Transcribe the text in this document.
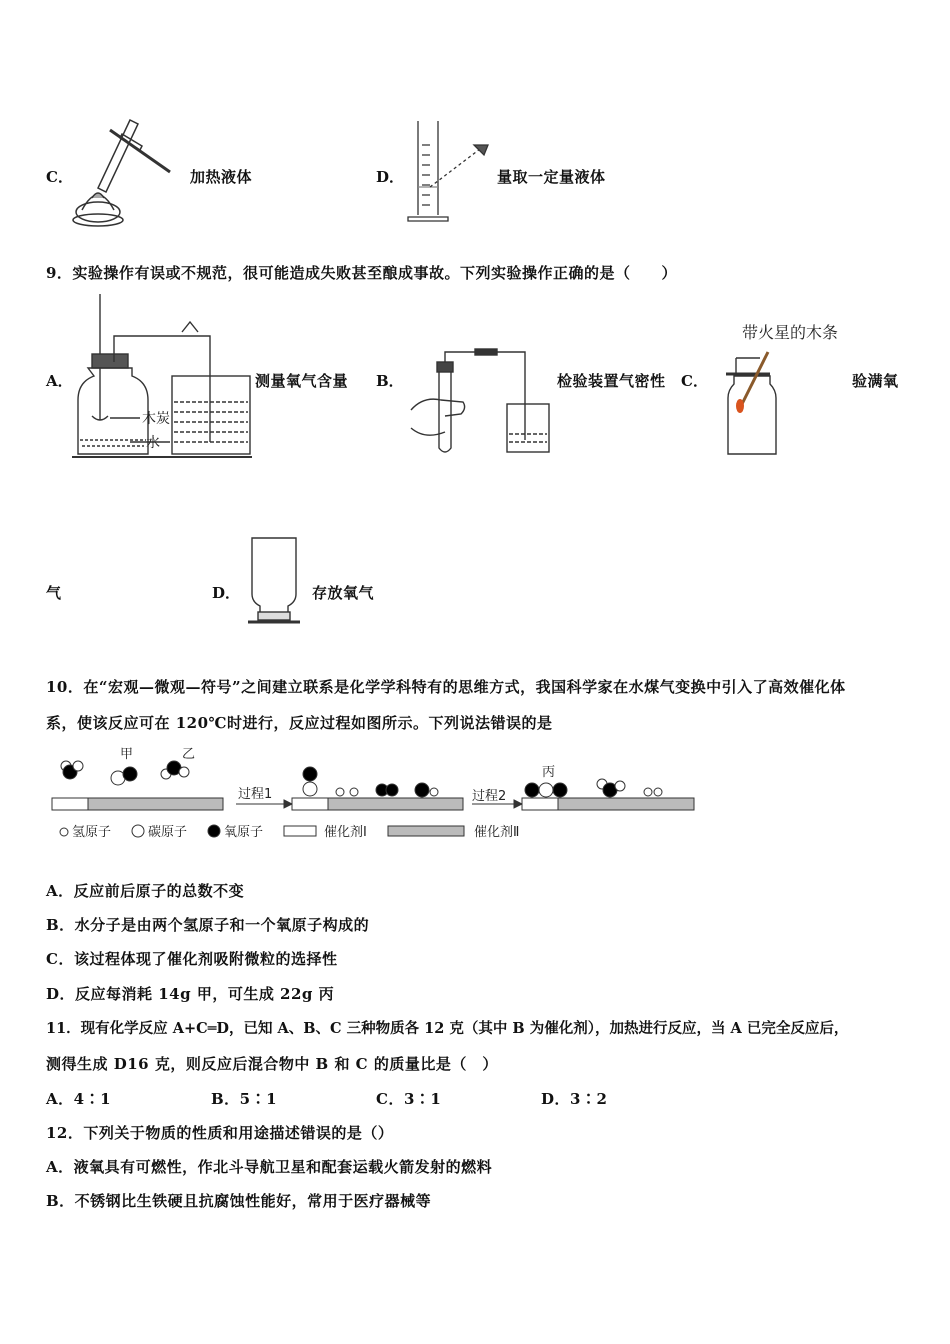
C．	加热液体	D．	量取一定量液体
9．实验操作有误或不规范，很可能造成失败甚至酿成事故。下列实验操作正确的是（　　）
A．
木炭
水
测量氧气含量 B．	检验装置气密性 C．
带火星的木条
验满氧
气	D．	存放氧气
10．在“宏观—微观—符号”之间建立联系是化学学科特有的思维方式，我国科学家在水煤气变换中引入了高效催化体
系，使该反应可在 120℃时进行，反应过程如图所示。下列说法错误的是
甲	乙
丙
过程1	过程2
氢原子	碳原子	氧原子	催化剂Ⅰ	催化剂Ⅱ
A．反应前后原子的总数不变
B．水分子是由两个氢原子和一个氧原子构成的
C．该过程体现了催化剂吸附微粒的选择性
D．反应每消耗 14g 甲，可生成 22g 丙
11．现有化学反应 A+C═D，已知 A、B、C 三种物质各 12 克（其中 B 为催化剂），加热进行反应，当 A 已完全反应后，
测得生成 D16 克，则反应后混合物中 B 和 C 的质量比是（　）
A．4∶1	B．5∶1	C．3∶1	D．3∶2
12．下列关于物质的性质和用途描述错误的是（）
A．液氧具有可燃性，作北斗导航卫星和配套运载火箭发射的燃料
B．不锈钢比生铁硬且抗腐蚀性能好，常用于医疗器械等
